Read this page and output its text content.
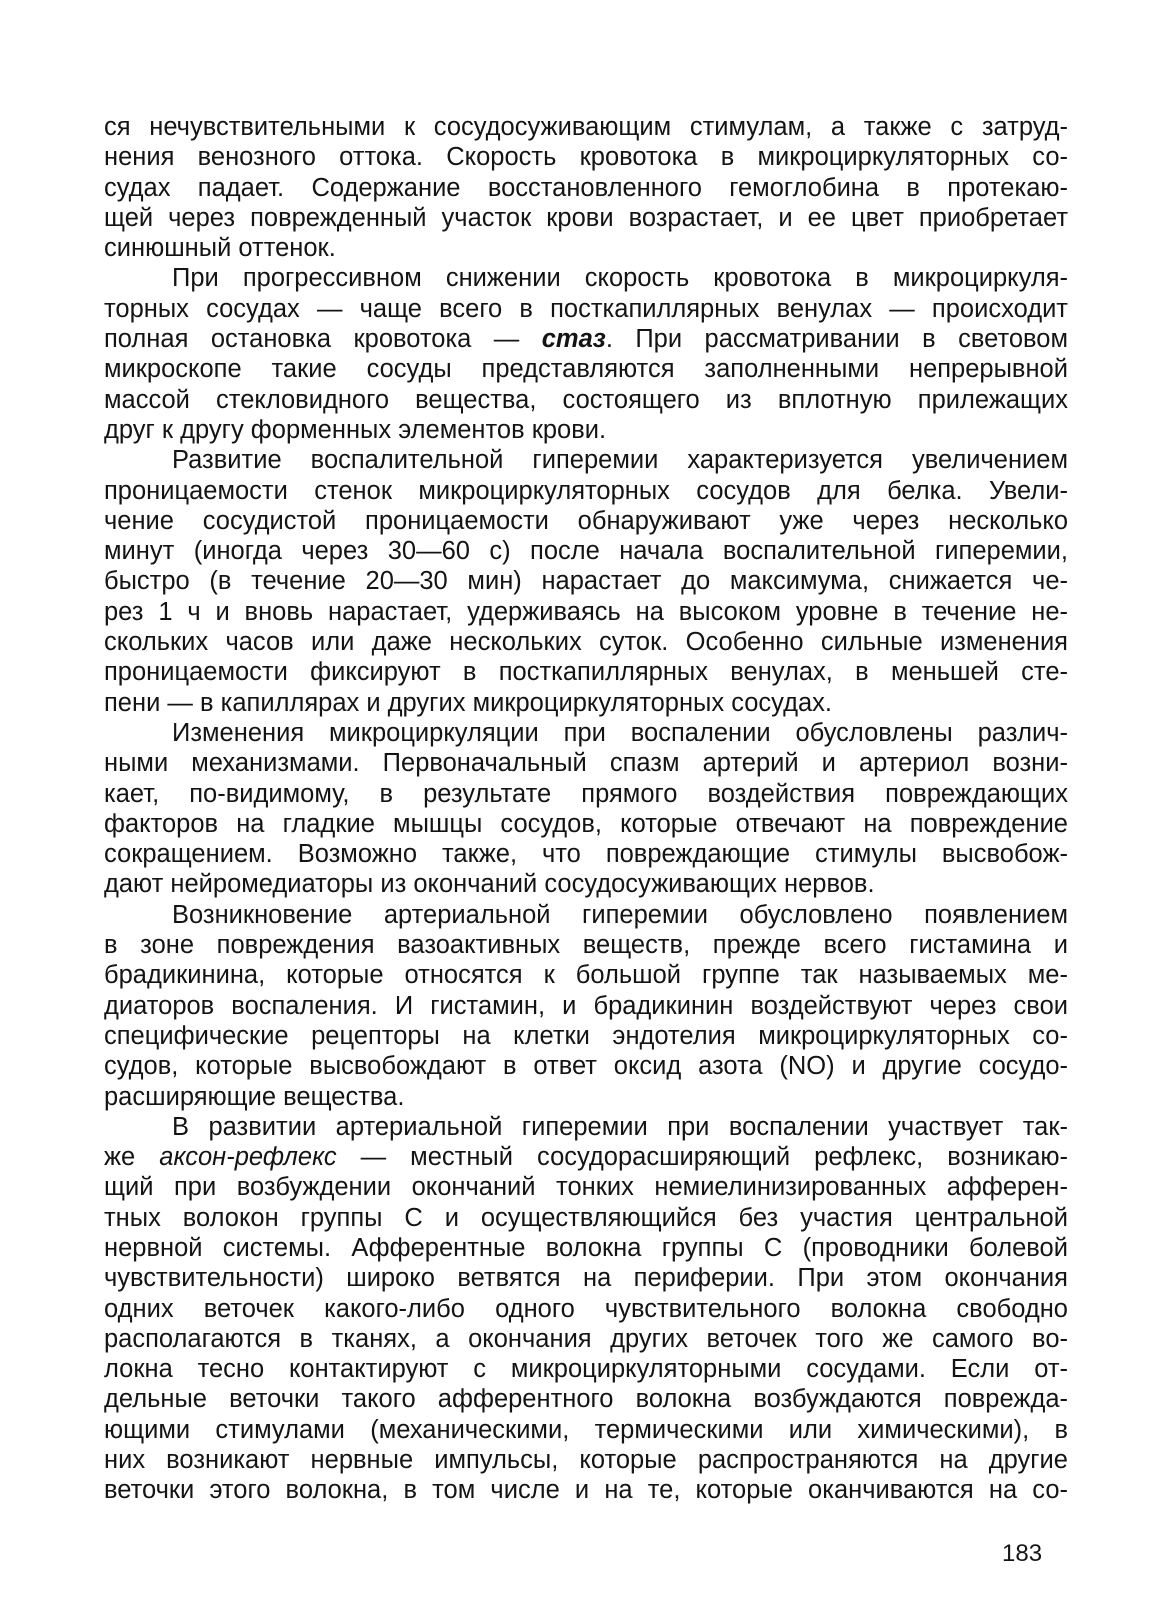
ся нечувствительными к сосудосуживающим стимулам, а также с затруд-
нения венозного оттока. Скорость кровотока в микроциркуляторных со-
судах падает. Содержание восстановленного гемоглобина в протекаю-
щей через поврежденный участок крови возрастает, и ее цвет приобретает
синюшный оттенок.
При прогрессивном снижении скорость кровотока в микроциркуля-
торных сосудах — чаще всего в посткапиллярных венулах — происходит
полная остановка кровотока — стаз. При рассматривании в световом
микроскопе такие сосуды представляются заполненными непрерывной
массой стекловидного вещества, состоящего из вплотную прилежащих
друг к другу форменных элементов крови.
Развитие воспалительной гиперемии характеризуется увеличением
проницаемости стенок микроциркуляторных сосудов для белка. Увели-
чение сосудистой проницаемости обнаруживают уже через несколько
минут (иногда через 30—60 с) после начала воспалительной гиперемии,
быстро (в течение 20—30 мин) нарастает до максимума, снижается че-
рез 1 ч и вновь нарастает, удерживаясь на высоком уровне в течение не-
скольких часов или даже нескольких суток. Особенно сильные изменения
проницаемости фиксируют в посткапиллярных венулах, в меньшей сте-
пени — в капиллярах и других микроциркуляторных сосудах.
Изменения микроциркуляции при воспалении обусловлены различ-
ными механизмами. Первоначальный спазм артерий и артериол возни-
кает, по-видимому, в результате прямого воздействия повреждающих
факторов на гладкие мышцы сосудов, которые отвечают на повреждение
сокращением. Возможно также, что повреждающие стимулы высвобож-
дают нейромедиаторы из окончаний сосудосуживающих нервов.
Возникновение артериальной гиперемии обусловлено появлением
в зоне повреждения вазоактивных веществ, прежде всего гистамина и
брадикинина, которые относятся к большой группе так называемых ме-
диаторов воспаления. И гистамин, и брадикинин воздействуют через свои
специфические рецепторы на клетки эндотелия микроциркуляторных со-
судов, которые высвобождают в ответ оксид азота (NO) и другие сосудо-
расширяющие вещества.
В развитии артериальной гиперемии при воспалении участвует так-
же аксон-рефлекс — местный сосудорасширяющий рефлекс, возникаю-
щий при возбуждении окончаний тонких немиелинизированных афферен-
тных волокон группы С и осуществляющийся без участия центральной
нервной системы. Афферентные волокна группы С (проводники болевой
чувствительности) широко ветвятся на периферии. При этом окончания
одних веточек какого-либо одного чувствительного волокна свободно
располагаются в тканях, а окончания других веточек того же самого во-
локна тесно контактируют с микроциркуляторными сосудами. Если от-
дельные веточки такого афферентного волокна возбуждаются поврежда-
ющими стимулами (механическими, термическими или химическими), в
них возникают нервные импульсы, которые распространяются на другие
веточки этого волокна, в том числе и на те, которые оканчиваются на со-
183
